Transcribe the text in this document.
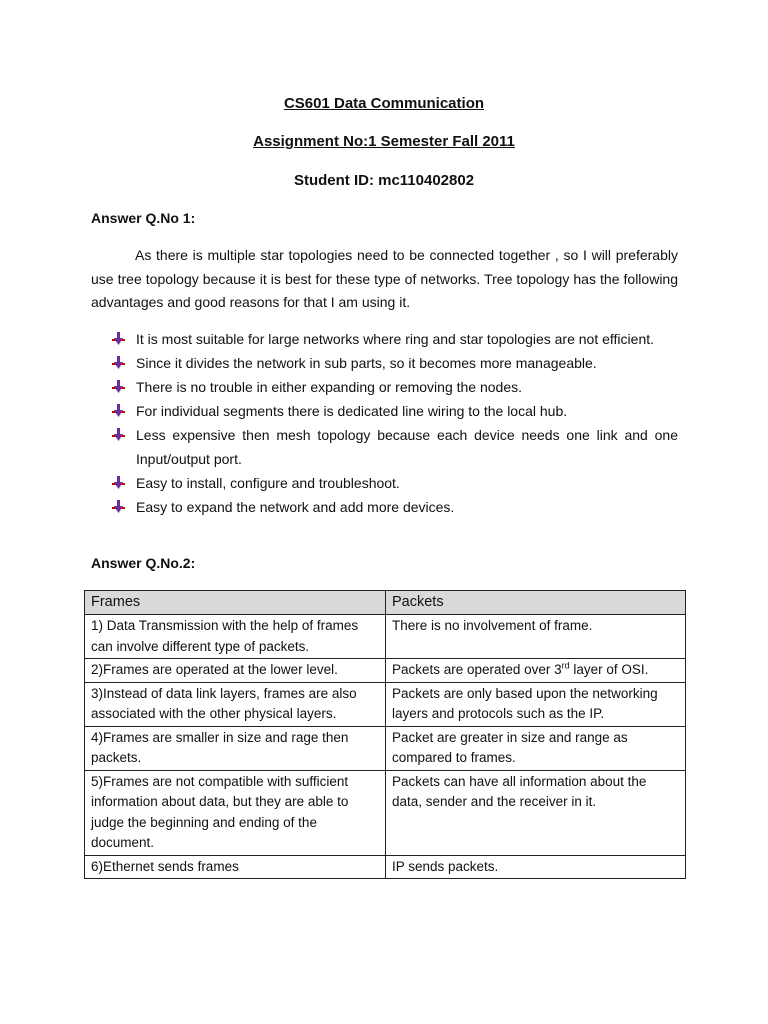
CS601 Data Communication

Assignment No:1 Semester Fall 2011

Student ID: mc110402802

Answer Q.No 1:

As there is multiple star topologies need to be connected together , so I will preferably use tree topology because it is best for these type of networks. Tree topology has the following advantages and good reasons for that I am using it.

It is most suitable for large networks where ring and star topologies are not efficient.
Since it divides the network in sub parts, so it becomes more manageable.
There is no trouble in either expanding or removing the nodes.
For individual segments there is dedicated line wiring to the local hub.
Less expensive then mesh topology because each device needs one link and one Input/output port.
Easy to install, configure and troubleshoot.
Easy to expand the network and add more devices.

Answer Q.No.2:

Frames	Packets
1) Data Transmission with the help of frames can involve different type of packets.	There is no involvement of frame.
2)Frames are operated at the lower level.	Packets are operated over 3rd layer of OSI.
3)Instead of data link layers, frames are also associated with the other physical layers.	Packets are only based upon the networking layers and protocols such as the IP.
4)Frames are smaller in size and rage then packets.	Packet are greater in size and range as compared to frames.
5)Frames are not compatible with sufficient information about data, but they are able to judge the beginning and ending of the document.	Packets can have all information about the data, sender and the receiver in it.
6)Ethernet sends frames	IP sends packets.
